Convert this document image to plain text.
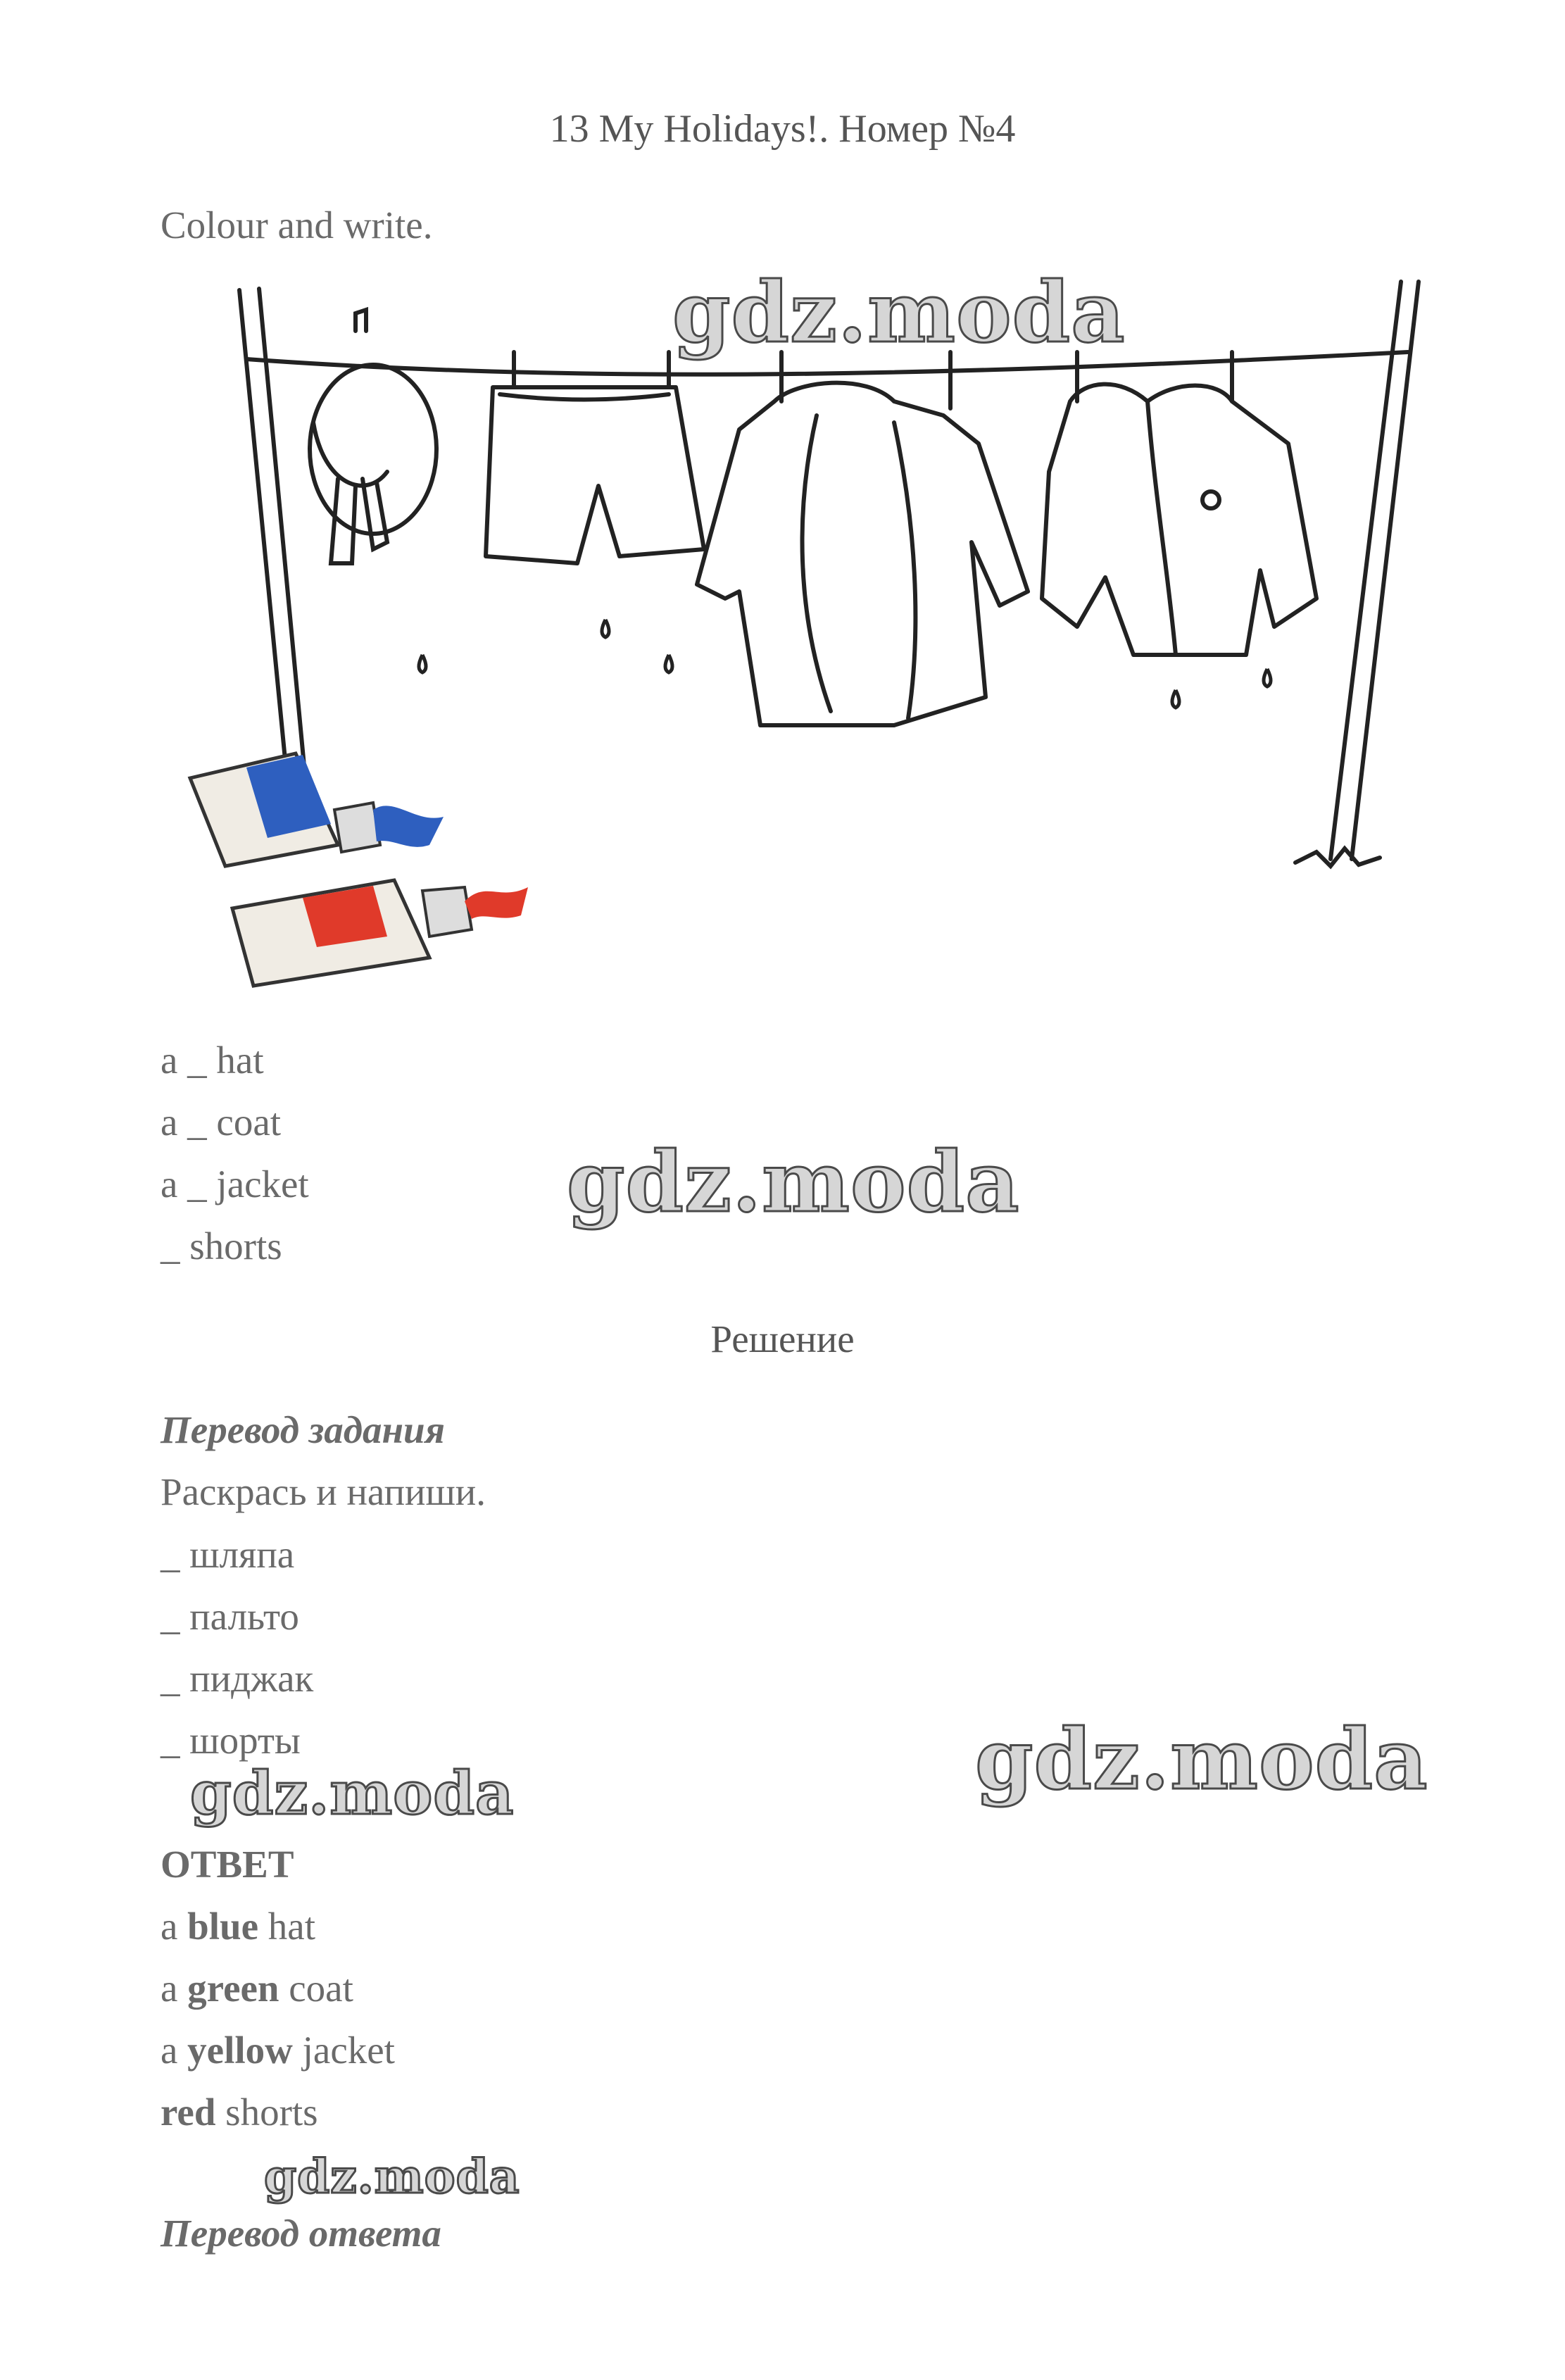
13 My Holidays!. Номер №4
Colour and write.
a _ hat
a _ coat
a _ jacket
_ shorts
Решение
Перевод задания
Раскрась и напиши.
_ шляпа
_ пальто
_ пиджак
_ шорты
ОТВЕТ
a blue hat
a green coat
a yellow jacket
red shorts
Перевод ответа
gdz.moda
gdz.moda
gdz.moda
gdz.moda
gdz.moda
